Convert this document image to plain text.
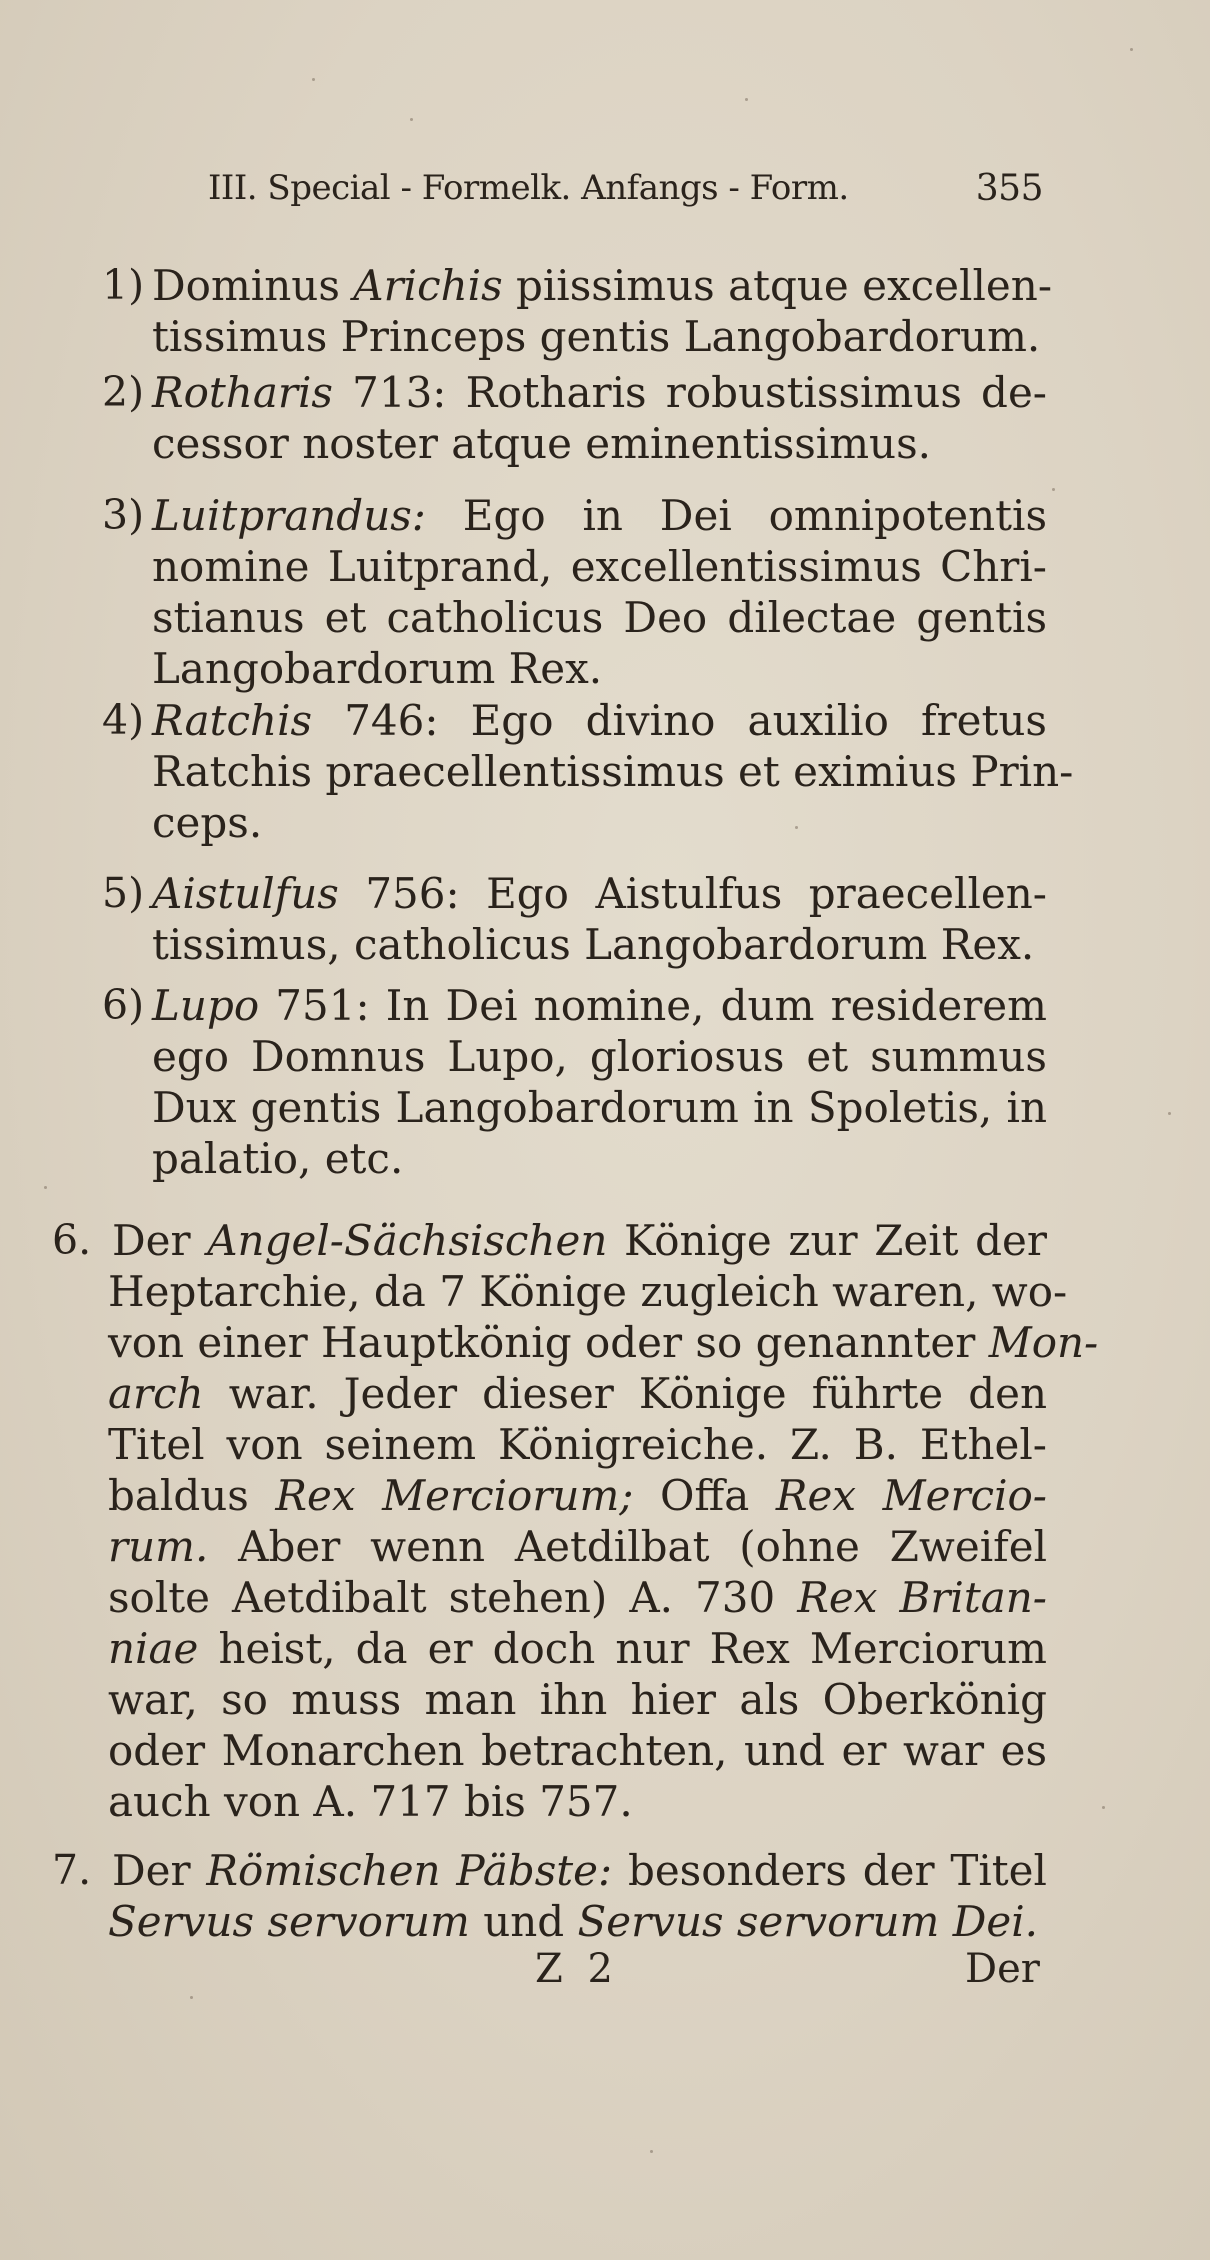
III. Special - Formelk. Anfangs - Form.	355
1) Dominus Arichis piissimus atque excellen-
tissimus Princeps gentis Langobardorum.
2) Rotharis 713: Rotharis robustissimus de-
cessor noster atque eminentissimus.
3) Luitprandus: Ego in Dei omnipotentis
nomine Luitprand, excellentissimus Chri-
stianus et catholicus Deo dilectae gentis
Langobardorum Rex.
4) Ratchis 746: Ego divino auxilio fretus
Ratchis praecellentissimus et eximius Prin-
ceps.
5) Aistulfus 756: Ego Aistulfus praecellen-
tissimus, catholicus Langobardorum Rex.
6) Lupo 751: In Dei nomine, dum residerem
ego Domnus Lupo, gloriosus et summus
Dux gentis Langobardorum in Spoletis, in
palatio, etc.
6. Der Angel-Sächsischen Könige zur Zeit der
Heptarchie, da 7 Könige zugleich waren, wo-
von einer Hauptkönig oder so genannter Mon-
arch war. Jeder dieser Könige führte den
Titel von seinem Königreiche. Z. B. Ethel-
baldus Rex Merciorum; Offa Rex Mercio-
rum. Aber wenn Aetdilbat (ohne Zweifel
solte Aetdibalt stehen) A. 730 Rex Britan-
niae heist, da er doch nur Rex Merciorum
war, so muss man ihn hier als Oberkönig
oder Monarchen betrachten, und er war es
auch von A. 717 bis 757.
7. Der Römischen Päbste: besonders der Titel
Servus servorum und Servus servorum Dei.
Z 2	Der
